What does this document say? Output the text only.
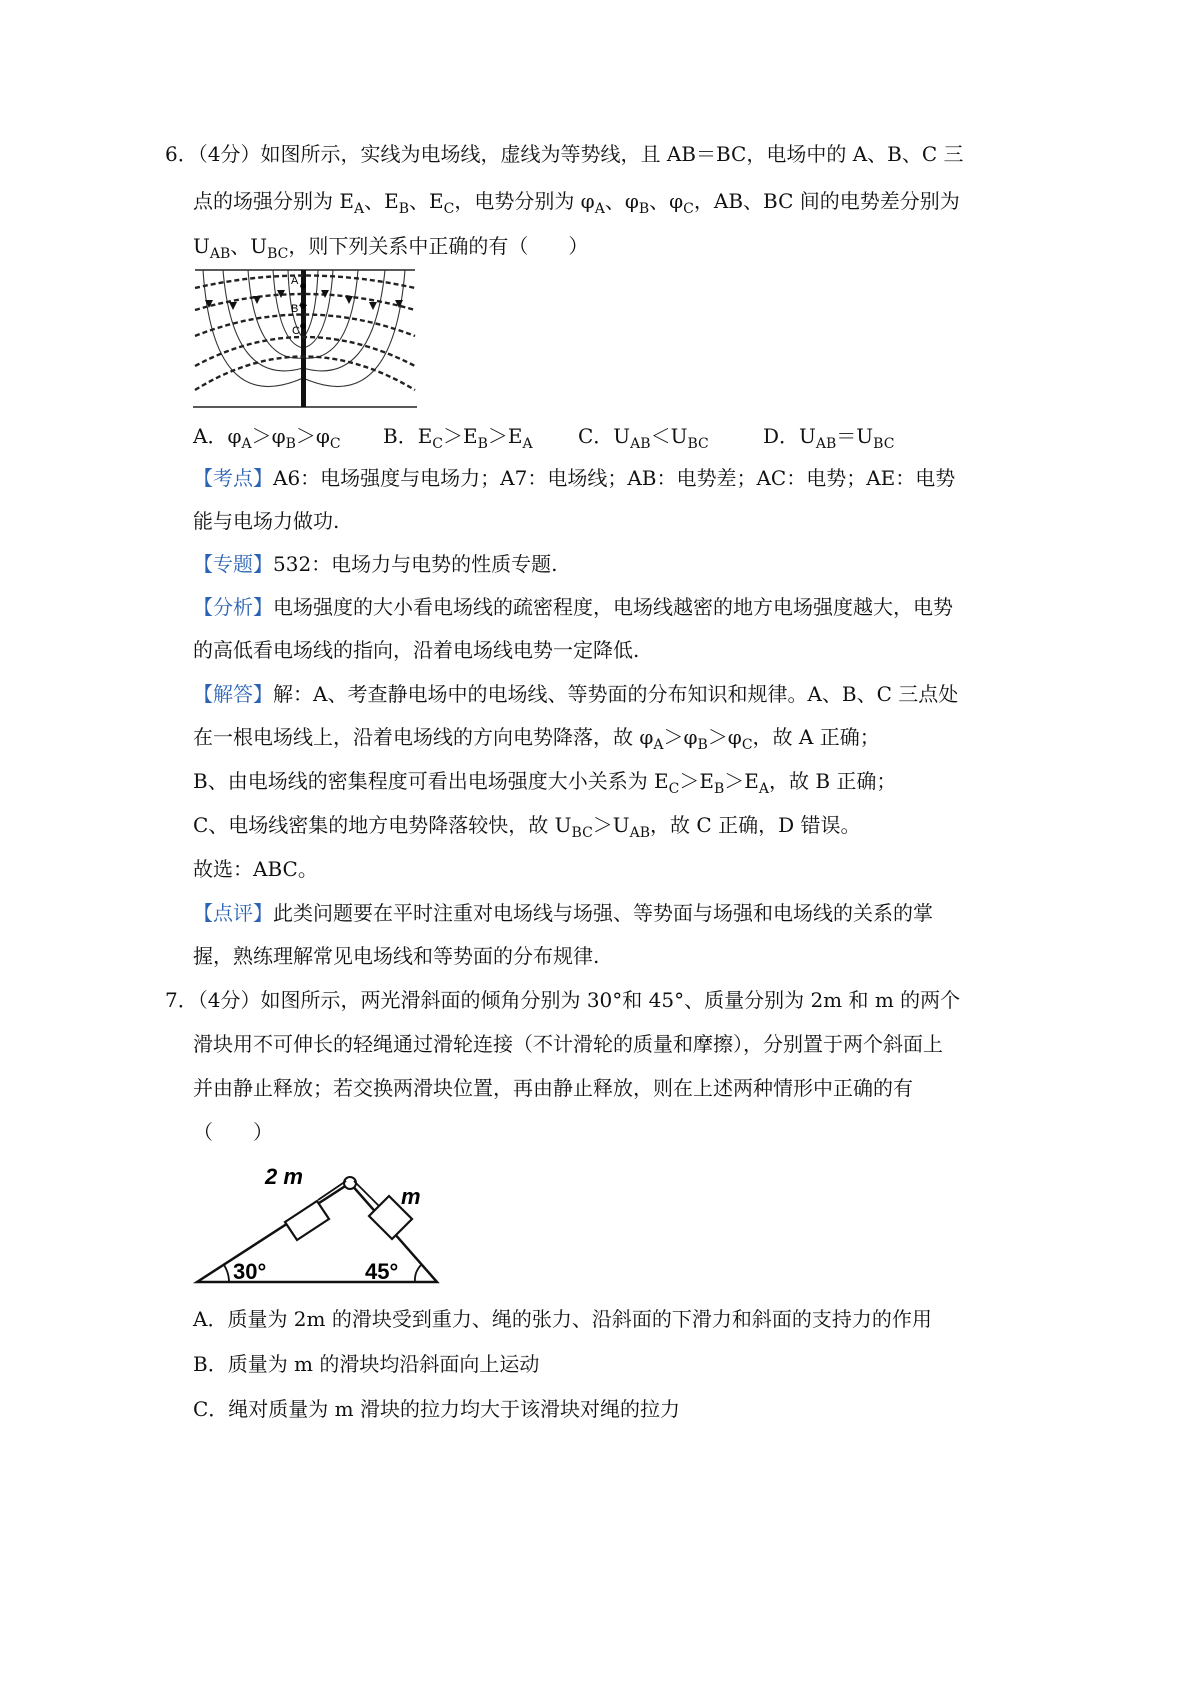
6．（4分）如图所示，实线为电场线，虚线为等势线，且 AB＝BC，电场中的 A、B、C 三
点的场强分别为 $E_A$、$E_B$、$E_C$，电势分别为 $\varphi_A$、$\varphi_B$、$\varphi_C$，AB、BC 间的电势差分别为
$U_{AB}$、$U_{BC}$，则下列关系中正确的有（　　）
A
B
C
A．$\varphi_A>\varphi_B>\varphi_C$ B．$E_C>E_B>E_A$ C．$U_{AB}<U_{BC}$	D．$U_{AB}=U_{BC}$
【考点】A6：电场强度与电场力；A7：电场线；AB：电势差；AC：电势；AE：电势
能与电场力做功.
【专题】532：电场力与电势的性质专题.
【分析】电场强度的大小看电场线的疏密程度，电场线越密的地方电场强度越大，电势
的高低看电场线的指向，沿着电场线电势一定降低.
【解答】解：A、考查静电场中的电场线、等势面的分布知识和规律。A、B、C 三点处
在一根电场线上，沿着电场线的方向电势降落，故 $\varphi_A>\varphi_B>\varphi_C$，故 A 正确；
B、由电场线的密集程度可看出电场强度大小关系为 $E_C>E_B>E_A$，故 B 正确；
C、电场线密集的地方电势降落较快，故 $U_{BC}>U_{AB}$，故 C 正确，D 错误。
故选：ABC。
【点评】此类问题要在平时注重对电场线与场强、等势面与场强和电场线的关系的掌
握，熟练理解常见电场线和等势面的分布规律.
7．（4分）如图所示，两光滑斜面的倾角分别为 30°和 45°、质量分别为 2m 和 m 的两个
滑块用不可伸长的轻绳通过滑轮连接（不计滑轮的质量和摩擦），分别置于两个斜面上
并由静止释放；若交换两滑块位置，再由静止释放，则在上述两种情形中正确的有
（　　）
30°	45°
2 m
m
A．质量为 2m 的滑块受到重力、绳的张力、沿斜面的下滑力和斜面的支持力的作用
B．质量为 m 的滑块均沿斜面向上运动
C．绳对质量为 m 滑块的拉力均大于该滑块对绳的拉力
